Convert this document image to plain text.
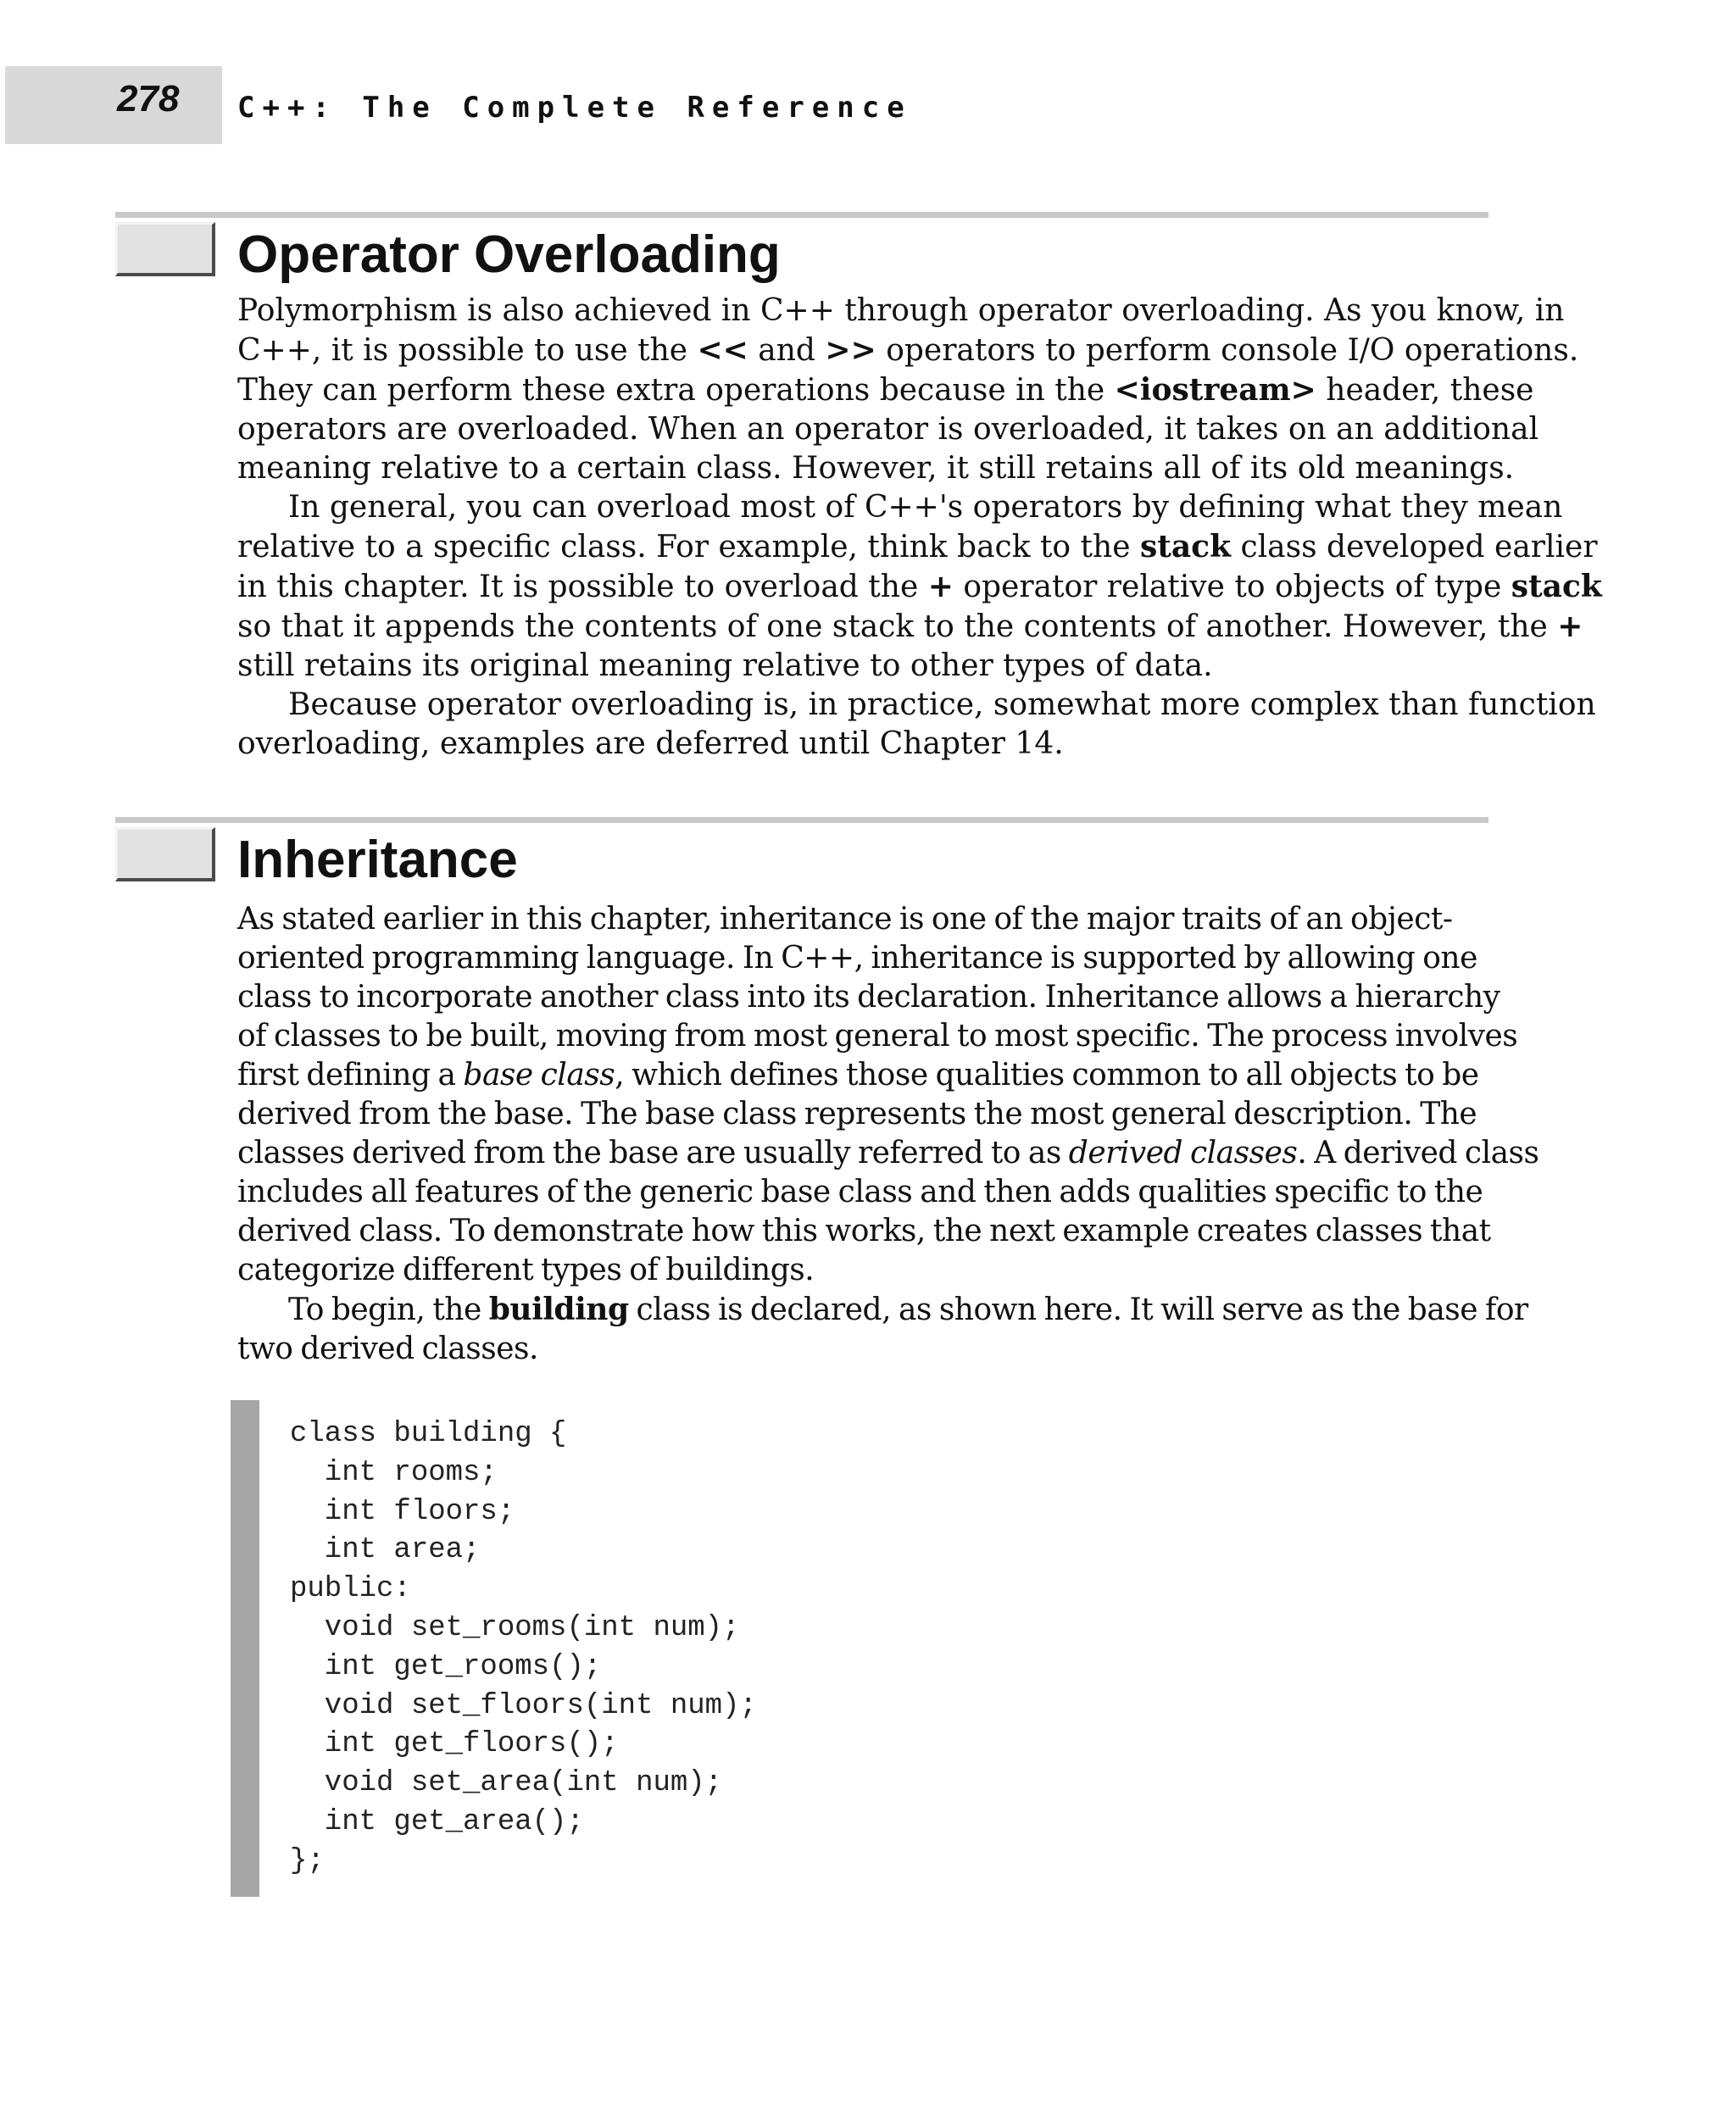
278 C++: The Complete Reference
Operator Overloading
Polymorphism is also achieved in C++ through operator overloading. As you know, in
C++, it is possible to use the << and >> operators to perform console I/O operations.
They can perform these extra operations because in the <iostream> header, these
operators are overloaded. When an operator is overloaded, it takes on an additional
meaning relative to a certain class. However, it still retains all of its old meanings.
In general, you can overload most of C++'s operators by defining what they mean
relative to a specific class. For example, think back to the stack class developed earlier
in this chapter. It is possible to overload the + operator relative to objects of type stack
so that it appends the contents of one stack to the contents of another. However, the +
still retains its original meaning relative to other types of data.
Because operator overloading is, in practice, somewhat more complex than function
overloading, examples are deferred until Chapter 14.
Inheritance
As stated earlier in this chapter, inheritance is one of the major traits of an object-
oriented programming language. In C++, inheritance is supported by allowing one
class to incorporate another class into its declaration. Inheritance allows a hierarchy
of classes to be built, moving from most general to most specific. The process involves
first defining a base class, which defines those qualities common to all objects to be
derived from the base. The base class represents the most general description. The
classes derived from the base are usually referred to as derived classes. A derived class
includes all features of the generic base class and then adds qualities specific to the
derived class. To demonstrate how this works, the next example creates classes that
categorize different types of buildings.
To begin, the building class is declared, as shown here. It will serve as the base for
two derived classes.
class building {
int rooms;
int floors;
int area;
public:
void set_rooms(int num);
int get_rooms();
void set_floors(int num);
int get_floors();
void set_area(int num);
int get_area();
};
